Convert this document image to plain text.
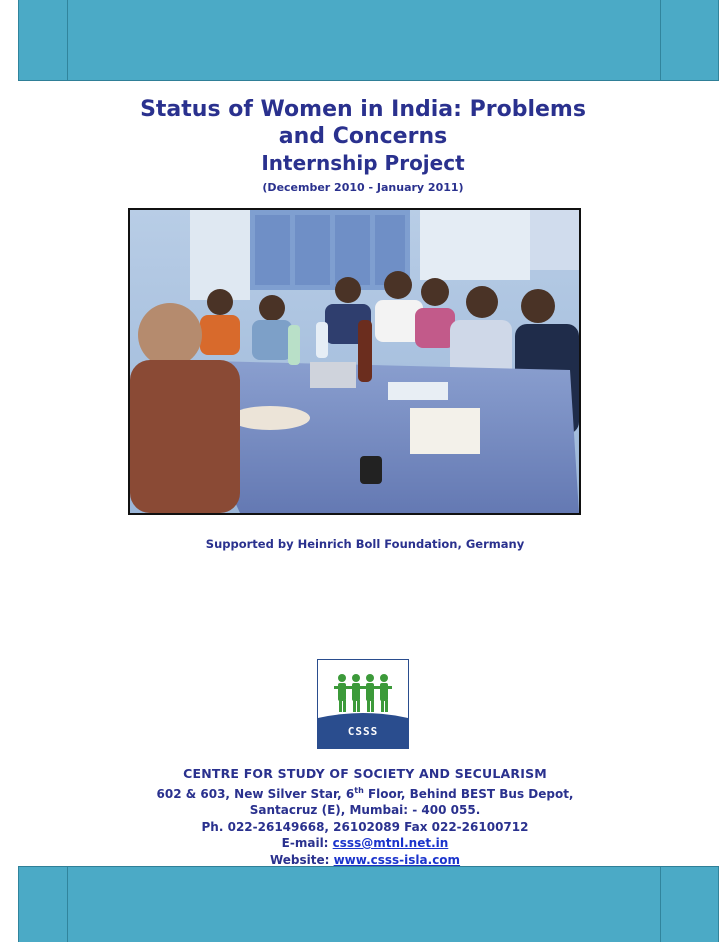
Status of Women in India: Problems and Concerns
Internship Project
(December 2010 - January 2011)
Supported by Heinrich Boll Foundation, Germany
CSSS
CENTRE FOR STUDY OF SOCIETY AND SECULARISM
602 & 603, New Silver Star, 6th Floor, Behind BEST Bus Depot,
Santacruz (E), Mumbai: - 400 055.
Ph. 022-26149668, 26102089 Fax 022-26100712
E-mail: csss@mtnl.net.in
Website: www.csss-isla.com
